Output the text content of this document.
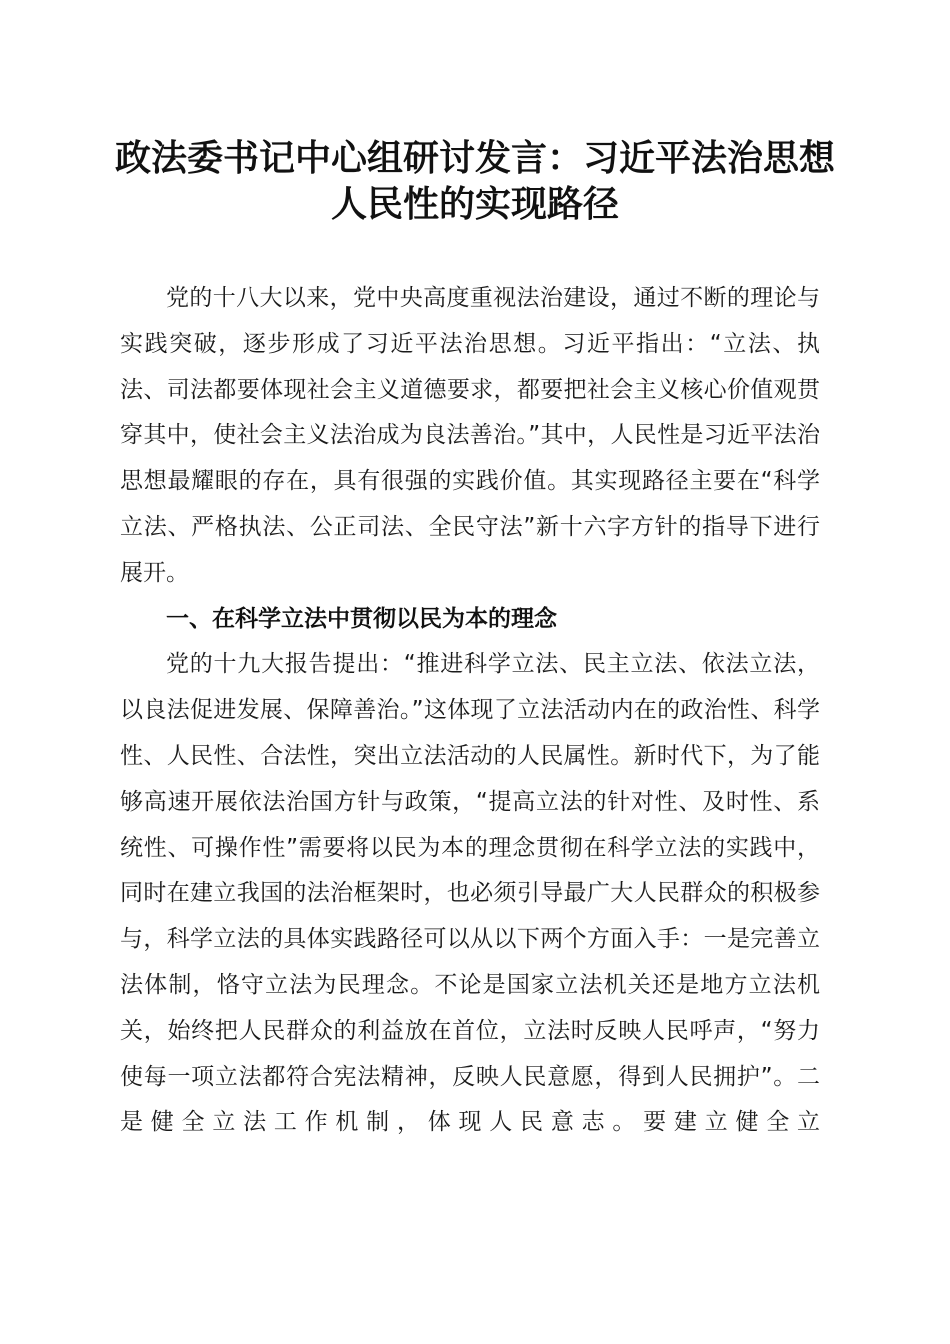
政法委书记中心组研讨发言：习近平法治思想
人民性的实现路径

党的十八大以来，党中央高度重视法治建设，通过不断的理论与实践突破，逐步形成了习近平法治思想。习近平指出：“立法、执法、司法都要体现社会主义道德要求，都要把社会主义核心价值观贯穿其中，使社会主义法治成为良法善治。”其中，人民性是习近平法治思想最耀眼的存在，具有很强的实践价值。其实现路径主要在“科学立法、严格执法、公正司法、全民守法”新十六字方针的指导下进行展开。

一、在科学立法中贯彻以民为本的理念

党的十九大报告提出：“推进科学立法、民主立法、依法立法，以良法促进发展、保障善治。”这体现了立法活动内在的政治性、科学性、人民性、合法性，突出立法活动的人民属性。新时代下，为了能够高速开展依法治国方针与政策，“提高立法的针对性、及时性、系统性、可操作性”需要将以民为本的理念贯彻在科学立法的实践中，同时在建立我国的法治框架时，也必须引导最广大人民群众的积极参与，科学立法的具体实践路径可以从以下两个方面入手：一是完善立法体制，恪守立法为民理念。不论是国家立法机关还是地方立法机关，始终把人民群众的利益放在首位，立法时反映人民呼声，“努力使每一项立法都符合宪法精神，反映人民意愿，得到人民拥护”。二是健全立法工作机制，体现人民意志。要建立健全立
